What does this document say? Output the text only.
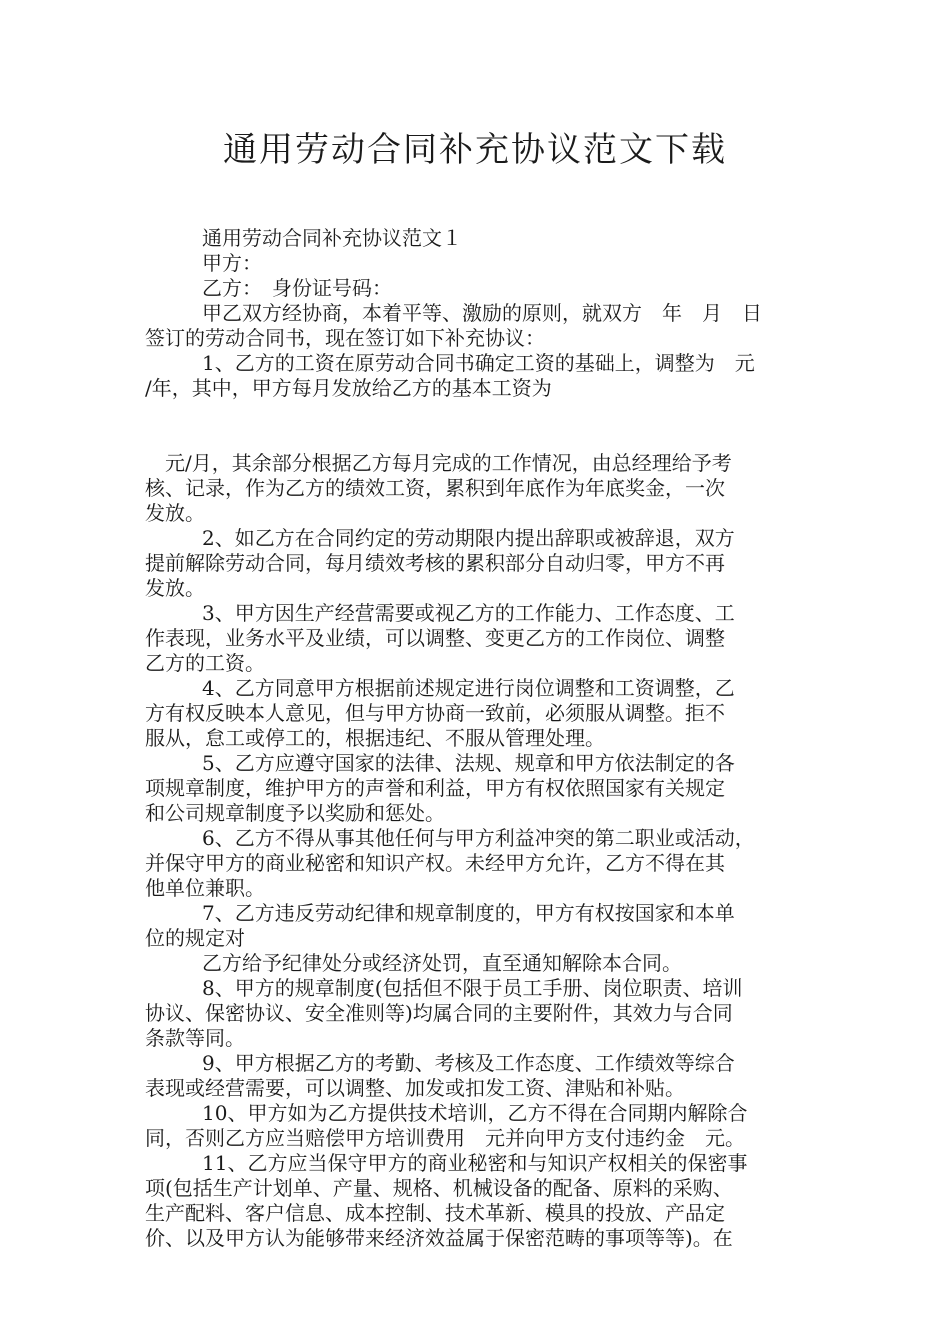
通用劳动合同补充协议范文下载

通用劳动合同补充协议范文１

甲方：

乙方：　身份证号码：

甲乙双方经协商，本着平等、激励的原则，就双方　年　月　日

签订的劳动合同书，现在签订如下补充协议：

1、乙方的工资在原劳动合同书确定工资的基础上，调整为　元

/年，其中，甲方每月发放给乙方的基本工资为

　元/月，其余部分根据乙方每月完成的工作情况，由总经理给予考

核、记录，作为乙方的绩效工资，累积到年底作为年底奖金，一次

发放。

2、如乙方在合同约定的劳动期限内提出辞职或被辞退，双方

提前解除劳动合同，每月绩效考核的累积部分自动归零，甲方不再

发放。

3、甲方因生产经营需要或视乙方的工作能力、工作态度、工

作表现，业务水平及业绩，可以调整、变更乙方的工作岗位、调整

乙方的工资。

4、乙方同意甲方根据前述规定进行岗位调整和工资调整，乙

方有权反映本人意见，但与甲方协商一致前，必须服从调整。拒不

服从，怠工或停工的，根据违纪、不服从管理处理。

5、乙方应遵守国家的法律、法规、规章和甲方依法制定的各

项规章制度，维护甲方的声誉和利益，甲方有权依照国家有关规定

和公司规章制度予以奖励和惩处。

6、乙方不得从事其他任何与甲方利益冲突的第二职业或活动，

并保守甲方的商业秘密和知识产权。未经甲方允许，乙方不得在其

他单位兼职。

7、乙方违反劳动纪律和规章制度的，甲方有权按国家和本单

位的规定对

乙方给予纪律处分或经济处罚，直至通知解除本合同。

8、甲方的规章制度(包括但不限于员工手册、岗位职责、培训

协议、保密协议、安全准则等)均属合同的主要附件，其效力与合同

条款等同。

9、甲方根据乙方的考勤、考核及工作态度、工作绩效等综合

表现或经营需要，可以调整、加发或扣发工资、津贴和补贴。

10、甲方如为乙方提供技术培训，乙方不得在合同期内解除合

同，否则乙方应当赔偿甲方培训费用　元并向甲方支付违约金　元。

11、乙方应当保守甲方的商业秘密和与知识产权相关的保密事

项(包括生产计划单、产量、规格、机械设备的配备、原料的采购、

生产配料、客户信息、成本控制、技术革新、模具的投放、产品定

价、以及甲方认为能够带来经济效益属于保密范畴的事项等等)。在
